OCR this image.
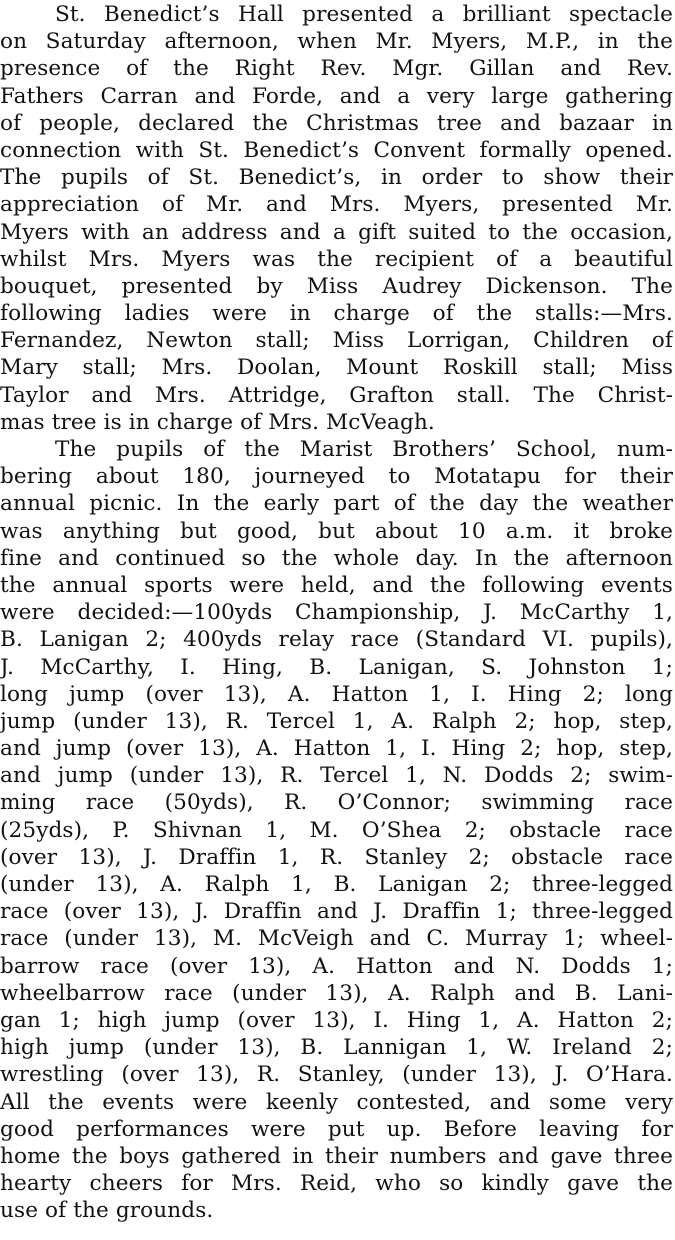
St. Benedict’s Hall presented a brilliant spectacle
on Saturday afternoon, when Mr. Myers, M.P., in the
presence of the Right Rev. Mgr. Gillan and Rev.
Fathers Carran and Forde, and a very large gathering
of people, declared the Christmas tree and bazaar in
connection with St. Benedict’s Convent formally opened.
The pupils of St. Benedict’s, in order to show their
appreciation of Mr. and Mrs. Myers, presented Mr.
Myers with an address and a gift suited to the occasion,
whilst Mrs. Myers was the recipient of a beautiful
bouquet, presented by Miss Audrey Dickenson. The
following ladies were in charge of the stalls:—Mrs.
Fernandez, Newton stall; Miss Lorrigan, Children of
Mary stall; Mrs. Doolan, Mount Roskill stall; Miss
Taylor and Mrs. Attridge, Grafton stall. The Christ-
mas tree is in charge of Mrs. McVeagh.
The pupils of the Marist Brothers’ School, num-
bering about 180, journeyed to Motatapu for their
annual picnic. In the early part of the day the weather
was anything but good, but about 10 a.m. it broke
fine and continued so the whole day. In the afternoon
the annual sports were held, and the following events
were decided:—100yds Championship, J. McCarthy 1,
B. Lanigan 2; 400yds relay race (Standard VI. pupils),
J. McCarthy, I. Hing, B. Lanigan, S. Johnston 1;
long jump (over 13), A. Hatton 1, I. Hing 2; long
jump (under 13), R. Tercel 1, A. Ralph 2; hop, step,
and jump (over 13), A. Hatton 1, I. Hing 2; hop, step,
and jump (under 13), R. Tercel 1, N. Dodds 2; swim-
ming race (50yds), R. O’Connor; swimming race
(25yds), P. Shivnan 1, M. O’Shea 2; obstacle race
(over 13), J. Draffin 1, R. Stanley 2; obstacle race
(under 13), A. Ralph 1, B. Lanigan 2; three-legged
race (over 13), J. Draffin and J. Draffin 1; three-legged
race (under 13), M. McVeigh and C. Murray 1; wheel-
barrow race (over 13), A. Hatton and N. Dodds 1;
wheelbarrow race (under 13), A. Ralph and B. Lani-
gan 1; high jump (over 13), I. Hing 1, A. Hatton 2;
high jump (under 13), B. Lannigan 1, W. Ireland 2;
wrestling (over 13), R. Stanley, (under 13), J. O’Hara.
All the events were keenly contested, and some very
good performances were put up. Before leaving for
home the boys gathered in their numbers and gave three
hearty cheers for Mrs. Reid, who so kindly gave the
use of the grounds.
